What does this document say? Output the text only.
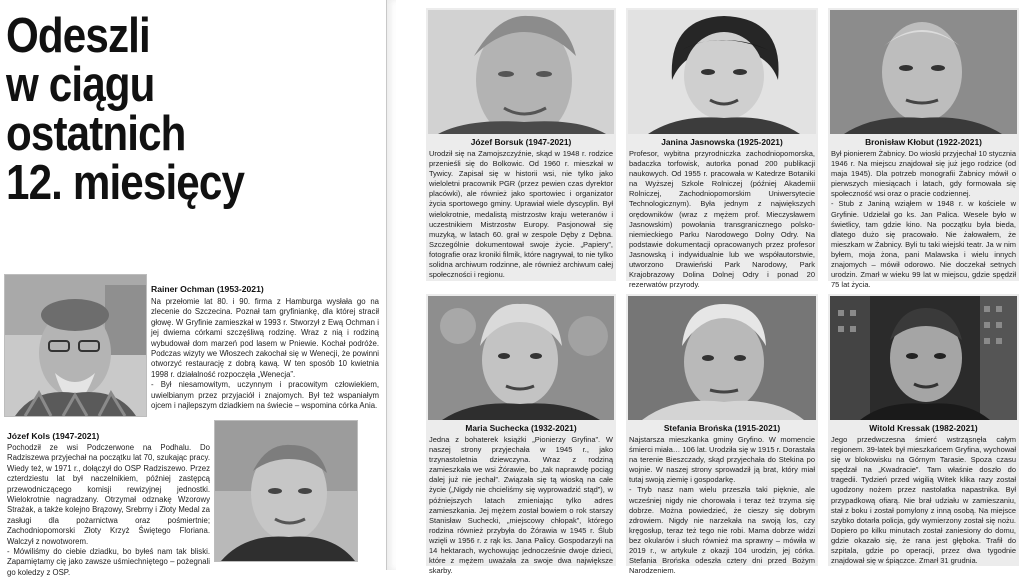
Odeszli
w ciągu
ostatnich
12. miesięcy
Rainer Ochman (1953-2021)
Na przełomie lat 80. i 90. firma z Hamburga wysłała go na zlecenie do Szczecina. Poznał tam gryfiniankę, dla której stracił głowę. W Gryfinie zamieszkał w 1993 r. Stworzył z Ewą Ochman i jej dwiema córkami szczęśliwą rodzinę. Wraz z nią i rodziną wybudował dom marzeń pod lasem w Pniewie. Kochał podróże. Podczas wizyty we Włoszech zakochał się w Wenecji, że powinni otworzyć restaurację z dobrą kawą. W ten sposób 10 kwietnia 1998 r. działalność rozpoczęła „Wenecja”.
- Był niesamowitym, uczynnym i pracowitym człowiekiem, uwielbianym przez przyjaciół i znajomych. Był też wspaniałym ojcem i najlepszym dziadkiem na świecie – wspomina córka Ania.
Józef Kols (1947-2021)
Pochodził ze wsi Podczerwone na Podhalu. Do Radziszewa przyjechał na początku lat 70, szukając pracy. Wiedy też, w 1971 r., dołączył do OSP Radziszewo. Przez czterdziestu lat był naczelnikiem, później zastępcą przewodniczącego komisji rewizyjnej jednostki. Wielokrotnie nagradzany. Otrzymał odznakę Wzorowy Strażak, a także kolejno Brązowy, Srebrny i Złoty Medal za zasługi dla pożarnictwa oraz pośmiertnie; Zachodniopomorski Złoty Krzyż Świętego Floriana. Walczył z nowotworem.
- Mówiliśmy do ciebie dziadku, bo byłeś nam tak bliski. Zapamiętamy cię jako zawsze uśmiechniętego – pożegnali go koledzy z OSP.
Józef Borsuk (1947-2021)
Urodził się na Zamojszczyźnie, skąd w 1948 r. rodzice przenieśli się do Bolkowic. Od 1960 r. mieszkał w Tywicy. Zapisał się w historii wsi, nie tylko jako wieloletni pracownik PGR (przez pewien czas dyrektor placówki), ale również jako sportowiec i organizator życia sportowego gminy. Uprawiał wiele dyscyplin. Był wielokrotnie, medalistą mistrzostw kraju weteranów i uczestnikiem Mistrzostw Europy. Pasjonował się muzyką, w latach 60. grał w zespole Dęby z Dębna. Szczególnie dokumentował swoje życie. „Papiery”, fotografie oraz kroniki filmik, które nagrywał, to nie tylko solidna archiwum rodzinne, ale również archiwum całej społeczności i regionu.
Janina Jasnowska (1925-2021)
Profesor, wybitna przyrodniczka zachodniopomorska, badaczka torfowisk, autorka ponad 200 publikacji naukowych. Od 1955 r. pracowała w Katedrze Botaniki na Wyższej Szkole Rolniczej (później Akademii Rolniczej, Zachodniopomorskim Uniwersytecie Technologicznym). Była jednym z największych orędowników (wraz z mężem prof. Mieczysławem Jasnowskim) powołania transgranicznego polsko-niemieckiego Parku Narodowego Dolny Odry. Na podstawie dokumentacji opracowanych przez profesor Jasnowską i indywidualnie lub we współautorstwie, utworzono Drawieński Park Narodowy, Park Krajobrazowy Dolina Dolnej Odry i ponad 20 rezerwatów przyrody.
Bronisław Kłobut (1922-2021)
Był pionierem Żabnicy. Do wioski przyjechał 10 stycznia 1946 r. Na miejscu znajdował się już jego rodzice (od maja 1945). Dla potrzeb monografii Żabnicy mówił o pierwszych miesiącach i latach, gdy formowała się społeczność wsi oraz o pracie codziennej.
- Stub z Janiną wziąłem w 1948 r. w kościele w Gryfinie. Udzielał go ks. Jan Palica. Wesele było w świetlicy, tam gdzie kino. Na początku była bieda, dlatego dużo się pracowało. Nie żałowałem, że mieszkam w Żabnicy. Byli tu taki wiejski teatr. Ja w nim byłem, moja żona, pani Malawska i wielu innych znajomych – mówił odorowo. Nie doczekał setnych urodzin. Zmarł w wieku 99 lat w miejscu, gdzie spędził 75 lat życia.
Maria Suchecka (1932-2021)
Jedna z bohaterek książki „Pionierzy Gryfina”. W naszej strony przyjechała w 1945 r., jako trzynastoletnia dziewczyna. Wraz z rodziną zamieszkała we wsi Żórawie, bo „tak naprawdę pociąg dalej już nie jechał”. Związała się tą wioską na całe życie („Nigdy nie chcieliśmy się wyprowadzić stąd”), w późniejszych latach zmieniając tylko adres zamieszkania. Jej mężem został bowiem o rok starszy Stanisław Suchecki, „miejscowy chłopak”, którego rodzina również przybyła do Żórawia w 1945 r. Ślub wzięli w 1956 r. z rąk ks. Jana Palicy. Gospodarzyli na 14 hektarach, wychowując jednocześnie dwoje dzieci, które z mężem uważała za swoje dwa największe skarby.
Stefania Brońska (1915-2021)
Najstarsza mieszkanka gminy Gryfino. W momencie śmierci miała… 106 lat. Urodziła się w 1915 r. Dorastała na terenie Bieszczady, skąd przyjechała do Stekina po wojnie. W naszej strony sprowadził ją brat, który miał tutaj swoją ziemię i gospodarkę.
- Tryb nasz nam wielu przeszła taki pięknie, ale wcześniej nigdy nie chorowała i teraz też trzyma się dobrze. Można powiedzieć, że cieszy się dobrym zdrowiem. Nigdy nie narzekała na swoją los, czy kręgosłup, teraz też tego nie robi. Mama dobrze widzi bez okularów i słuch również ma sprawny – mówiła w 2019 r., w artykule z okazji 104 urodzin, jej córka. Stefania Brońska odeszła cztery dni przed Bożym Narodzeniem.
Witold Kressak (1982-2021)
Jego przedwczesna śmierć wstrząsnęła całym regionem. 39-latek był mieszkańcem Gryfina, wychował się w blokowisku na Górnym Tarasie. Spoza czasu spędzał na „Kwadracie”. Tam właśnie doszło do tragedii. Tydzień przed wigilią Witek klika razy został ugodzony nożem przez nastolatka napastnika. Był przypadkową ofiarą. Nie brał udziału w zamieszaniu, stał z boku i został pomylony z inną osobą. Na miejsce szybko dotarła policja, gdy wymierzony został się nożu. Dopiero po kilku minutach został zaniesiony do domu, gdzie okazało się, że rana jest głęboka. Trafił do szpitala, gdzie po operacji, przez dwa tygodnie znajdował się w śpiączce. Zmarł 31 grudnia.
